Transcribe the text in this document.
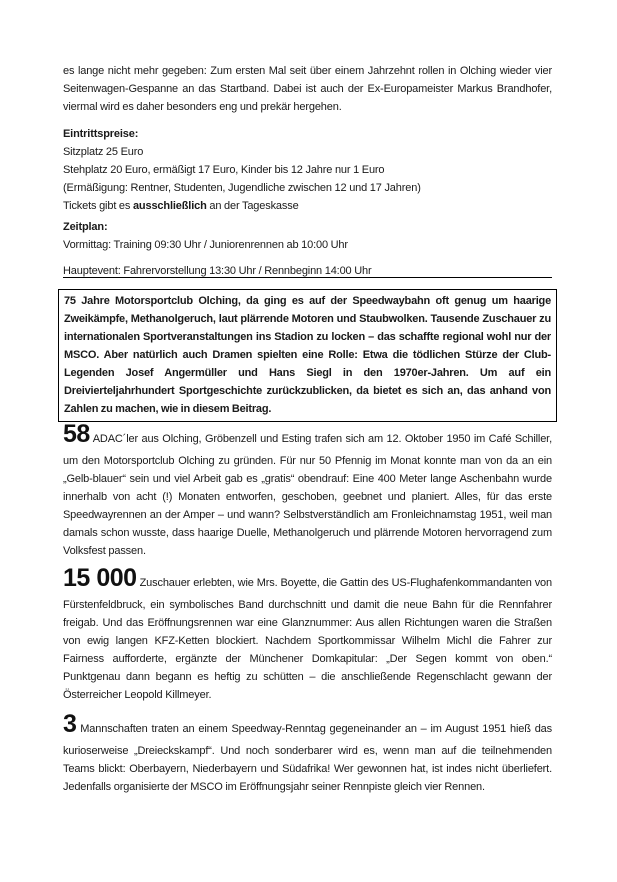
es lange nicht mehr gegeben: Zum ersten Mal seit über einem Jahrzehnt rollen in Olching wieder vier
Seitenwagen-Gespanne an das Startband. Dabei ist auch der Ex-Europameister Markus Brandhofer,
viermal wird es daher besonders eng und prekär hergehen.
Eintrittspreise:
Sitzplatz 25 Euro
Stehplatz 20 Euro, ermäßigt 17 Euro, Kinder bis 12 Jahre nur 1 Euro
(Ermäßigung: Rentner, Studenten, Jugendliche zwischen 12 und 17 Jahren)
Tickets gibt es ausschließlich an der Tageskasse
Zeitplan:
Vormittag: Training 09:30 Uhr / Juniorenrennen ab 10:00 Uhr
Hauptevent: Fahrervorstellung 13:30 Uhr / Rennbeginn 14:00 Uhr
75 Jahre Motorsportclub Olching, da ging es auf der Speedwaybahn oft genug um haarige Zweikämpfe, Methanolgeruch, laut plärrende Motoren und Staubwolken. Tausende Zuschauer zu internationalen Sportveranstaltungen ins Stadion zu locken – das schaffte regional wohl nur der MSCO. Aber natürlich auch Dramen spielten eine Rolle: Etwa die tödlichen Stürze der Club-Legenden Josef Angermüller und Hans Siegl in den 1970er-Jahren. Um auf ein Dreivierteljahrhundert Sportgeschichte zurückzublicken, da bietet es sich an, das anhand von Zahlen zu machen, wie in diesem Beitrag.
58 ADAC´ler aus Olching, Gröbenzell und Esting trafen sich am 12. Oktober 1950 im Café Schiller,
um den Motorsportclub Olching zu gründen. Für nur 50 Pfennig im Monat konnte man von da an ein „Gelb-blauer“ sein und viel Arbeit gab es „gratis“ obendrauf: Eine 400 Meter lange Aschenbahn wurde innerhalb von acht (!) Monaten entworfen, geschoben, geebnet und planiert. Alles, für das erste Speedwayrennen an der Amper – und wann? Selbstverständlich am Fronleichnamstag 1951, weil man damals schon wusste, dass haarige Duelle, Methanolgeruch und plärrende Motoren hervorragend zum Volksfest passen.
15 000 Zuschauer erlebten, wie Mrs. Boyette, die Gattin des US-Flughafenkommandanten von
Fürstenfeldbruck, ein symbolisches Band durchschnitt und damit die neue Bahn für die Rennfahrer freigab. Und das Eröffnungsrennen war eine Glanznummer: Aus allen Richtungen waren die Straßen von ewig langen KFZ-Ketten blockiert. Nachdem Sportkommissar Wilhelm Michl die Fahrer zur Fairness aufforderte, ergänzte der Münchener Domkapitular: „Der Segen kommt von oben.“ Punktgenau dann begann es heftig zu schütten – die anschließende Regenschlacht gewann der Österreicher Leopold Killmeyer.
3 Mannschaften traten an einem Speedway-Renntag gegeneinander an – im August 1951 hieß das
kurioserweise „Dreieckskampf“. Und noch sonderbarer wird es, wenn man auf die teilnehmenden Teams blickt: Oberbayern, Niederbayern und Südafrika! Wer gewonnen hat, ist indes nicht überliefert. Jedenfalls organisierte der MSCO im Eröffnungsjahr seiner Rennpiste gleich vier Rennen.
